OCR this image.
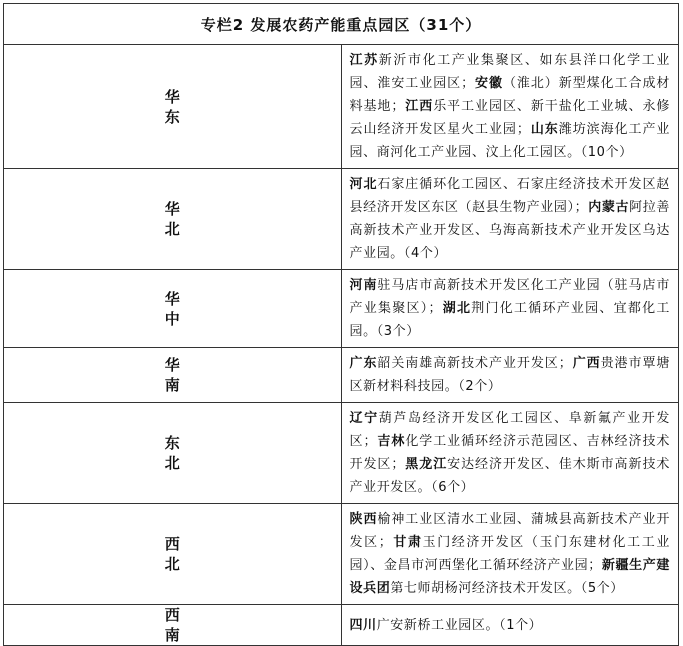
专栏2 发展农药产能重点园区（31个）	

华
东	江苏新沂市化工产业集聚区、如东县洋口化学工业园、淮安工业园区；安徽（淮北）新型煤化工合成材料基地；江西乐平工业园区、新干盐化工业城、永修云山经济开发区星火工业园；山东潍坊滨海化工产业园、商河化工产业园、汶上化工园区。（10个）

华
北	河北石家庄循环化工园区、石家庄经济技术开发区赵县经济开发区东区（赵县生物产业园）；内蒙古阿拉善高新技术产业开发区、乌海高新技术产业开发区乌达产业园。（4个）

华
中	河南驻马店市高新技术开发区化工产业园（驻马店市产业集聚区）；湖北荆门化工循环产业园、宜都化工园。（3个）

华
南	广东韶关南雄高新技术产业开发区；广西贵港市覃塘区新材料科技园。（2个）

东
北	辽宁葫芦岛经济开发区化工园区、阜新氟产业开发区；吉林化学工业循环经济示范园区、吉林经济技术开发区；黑龙江安达经济开发区、佳木斯市高新技术产业开发区。（6个）

西
北	陕西榆神工业区清水工业园、蒲城县高新技术产业开发区；甘肃玉门经济开发区（玉门东建材化工工业园）、金昌市河西堡化工循环经济产业园；新疆生产建设兵团第七师胡杨河经济技术开发区。（5个）

西
南	四川广安新桥工业园区。（1个）
